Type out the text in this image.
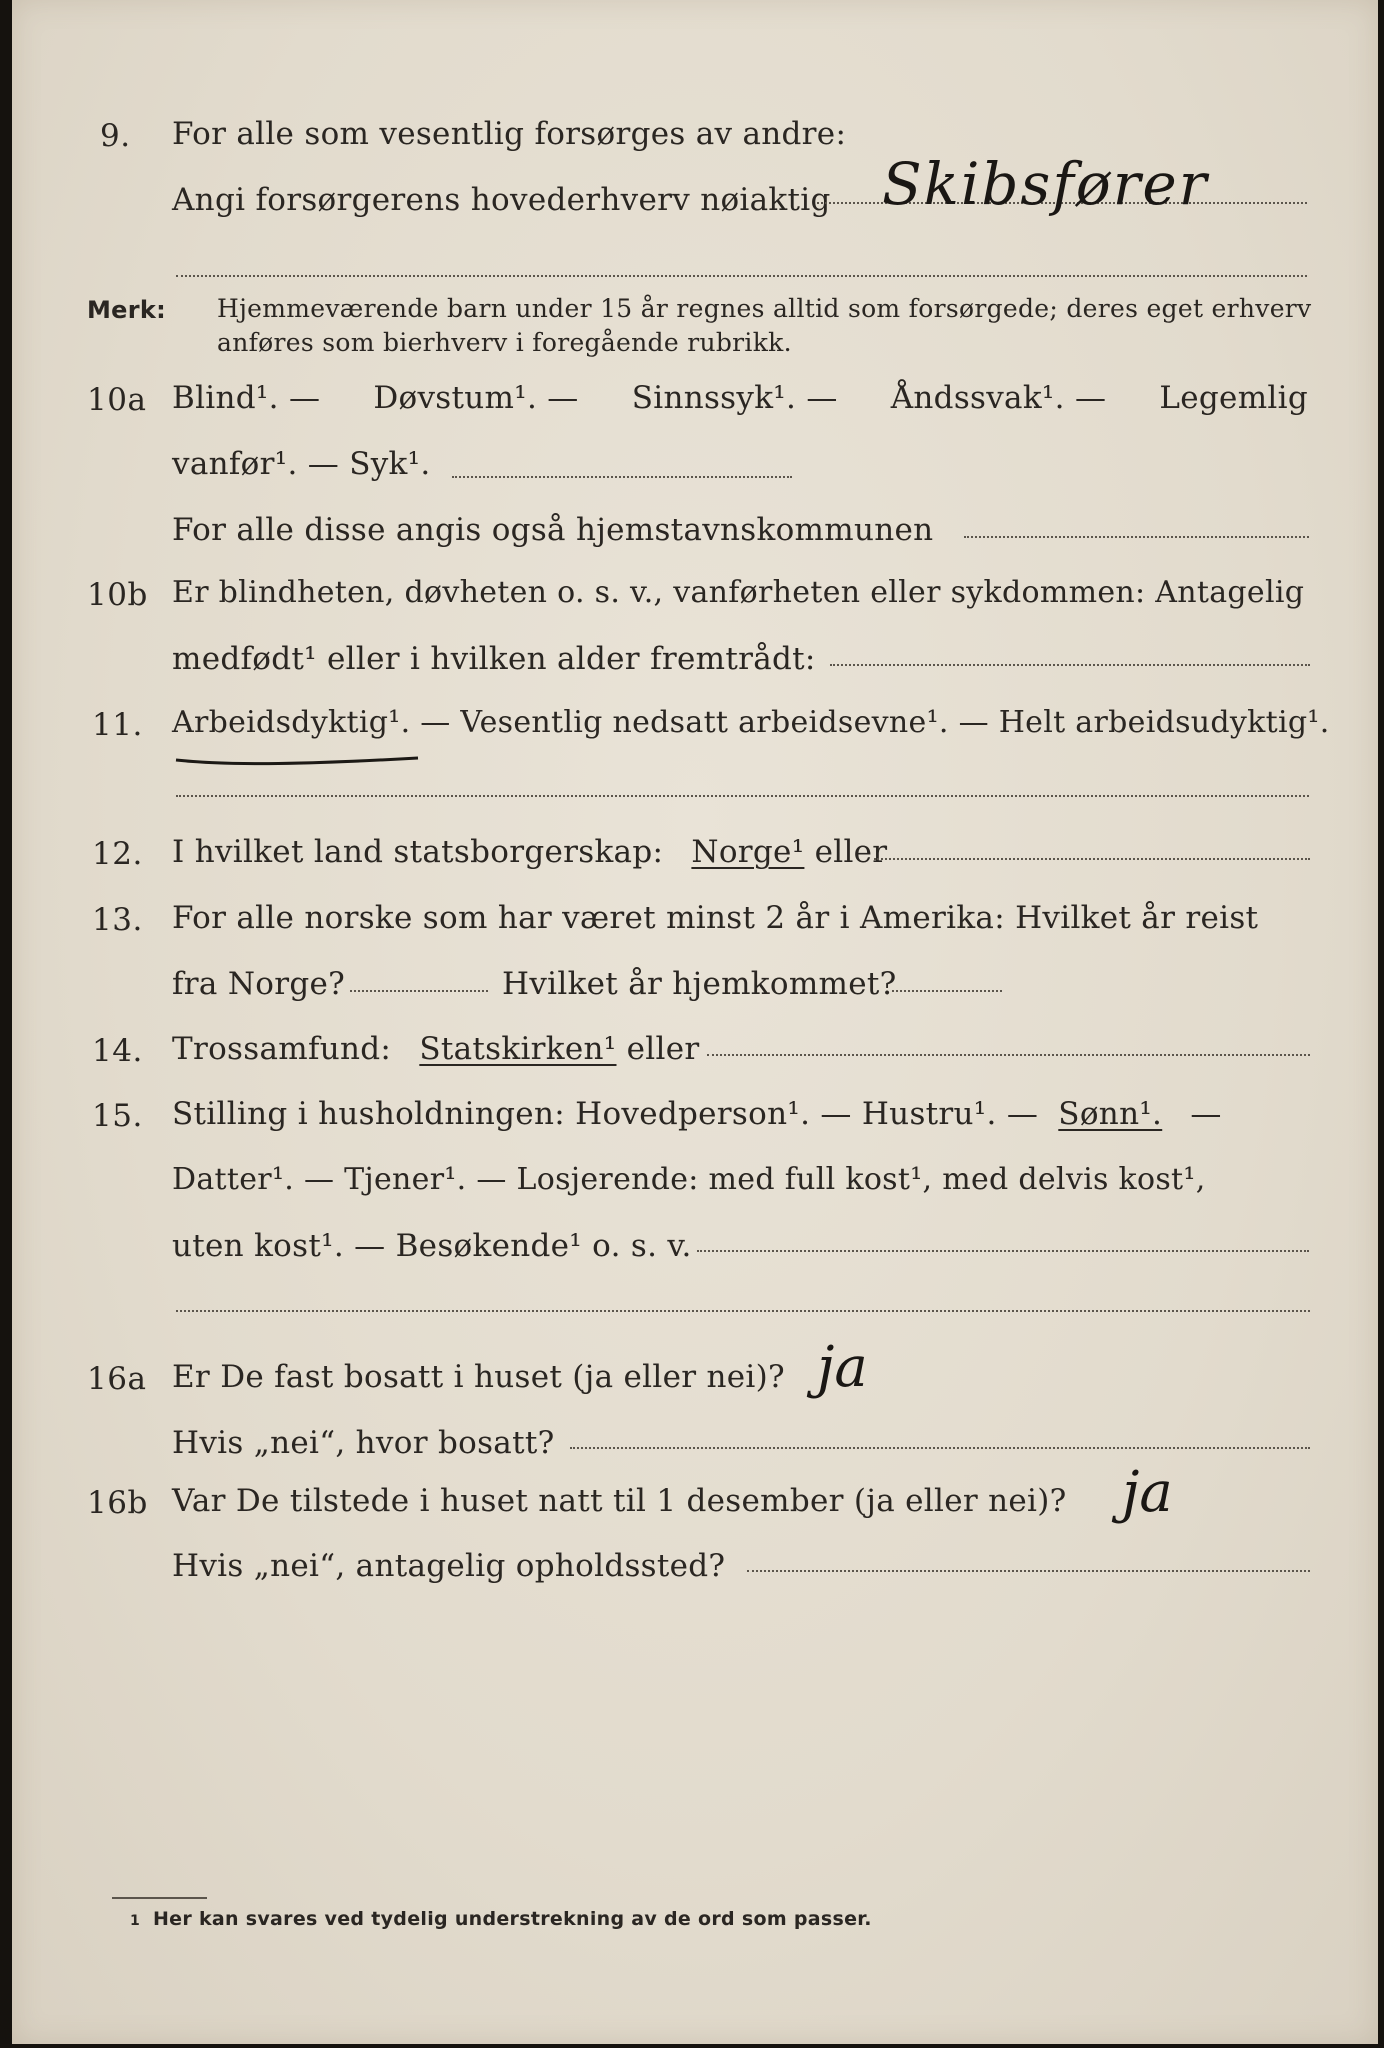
9. For alle som vesentlig forsørges av andre:
Angi forsørgerens hovederhverv nøiaktig Skibsfører
Merk: Hjemmeværende barn under 15 år regnes alltid som forsørgede; deres eget erhverv
anføres som bierhverv i foregående rubrikk.
10a Blind¹. — Døvstum¹. — Sinnssyk¹. — Åndssvak¹. — Legemlig
vanfør¹. — Syk¹.
For alle disse angis også hjemstavnskommunen
10b Er blindheten, døvheten o. s. v., vanførheten eller sykdommen: Antagelig
medfødt¹ eller i hvilken alder fremtrådt:
11. Arbeidsdyktig¹. — Vesentlig nedsatt arbeidsevne¹. — Helt arbeidsudyktig¹.
12. I hvilket land statsborgerskap: Norge¹ eller
13. For alle norske som har været minst 2 år i Amerika: Hvilket år reist
fra Norge?	Hvilket år hjemkommet?
14. Trossamfund: Statskirken¹ eller
15. Stilling i husholdningen: Hovedperson¹. — Hustru¹. — Sønn¹. —
Datter¹. — Tjener¹. — Losjerende: med full kost¹, med delvis kost¹,
uten kost¹. — Besøkende¹ o. s. v.
16a Er De fast bosatt i huset (ja eller nei)? ja
Hvis „nei“, hvor bosatt?
16b Var De tilstede i huset natt til 1 desember (ja eller nei)? ja
Hvis „nei“, antagelig opholdssted?
1 Her kan svares ved tydelig understrekning av de ord som passer.
